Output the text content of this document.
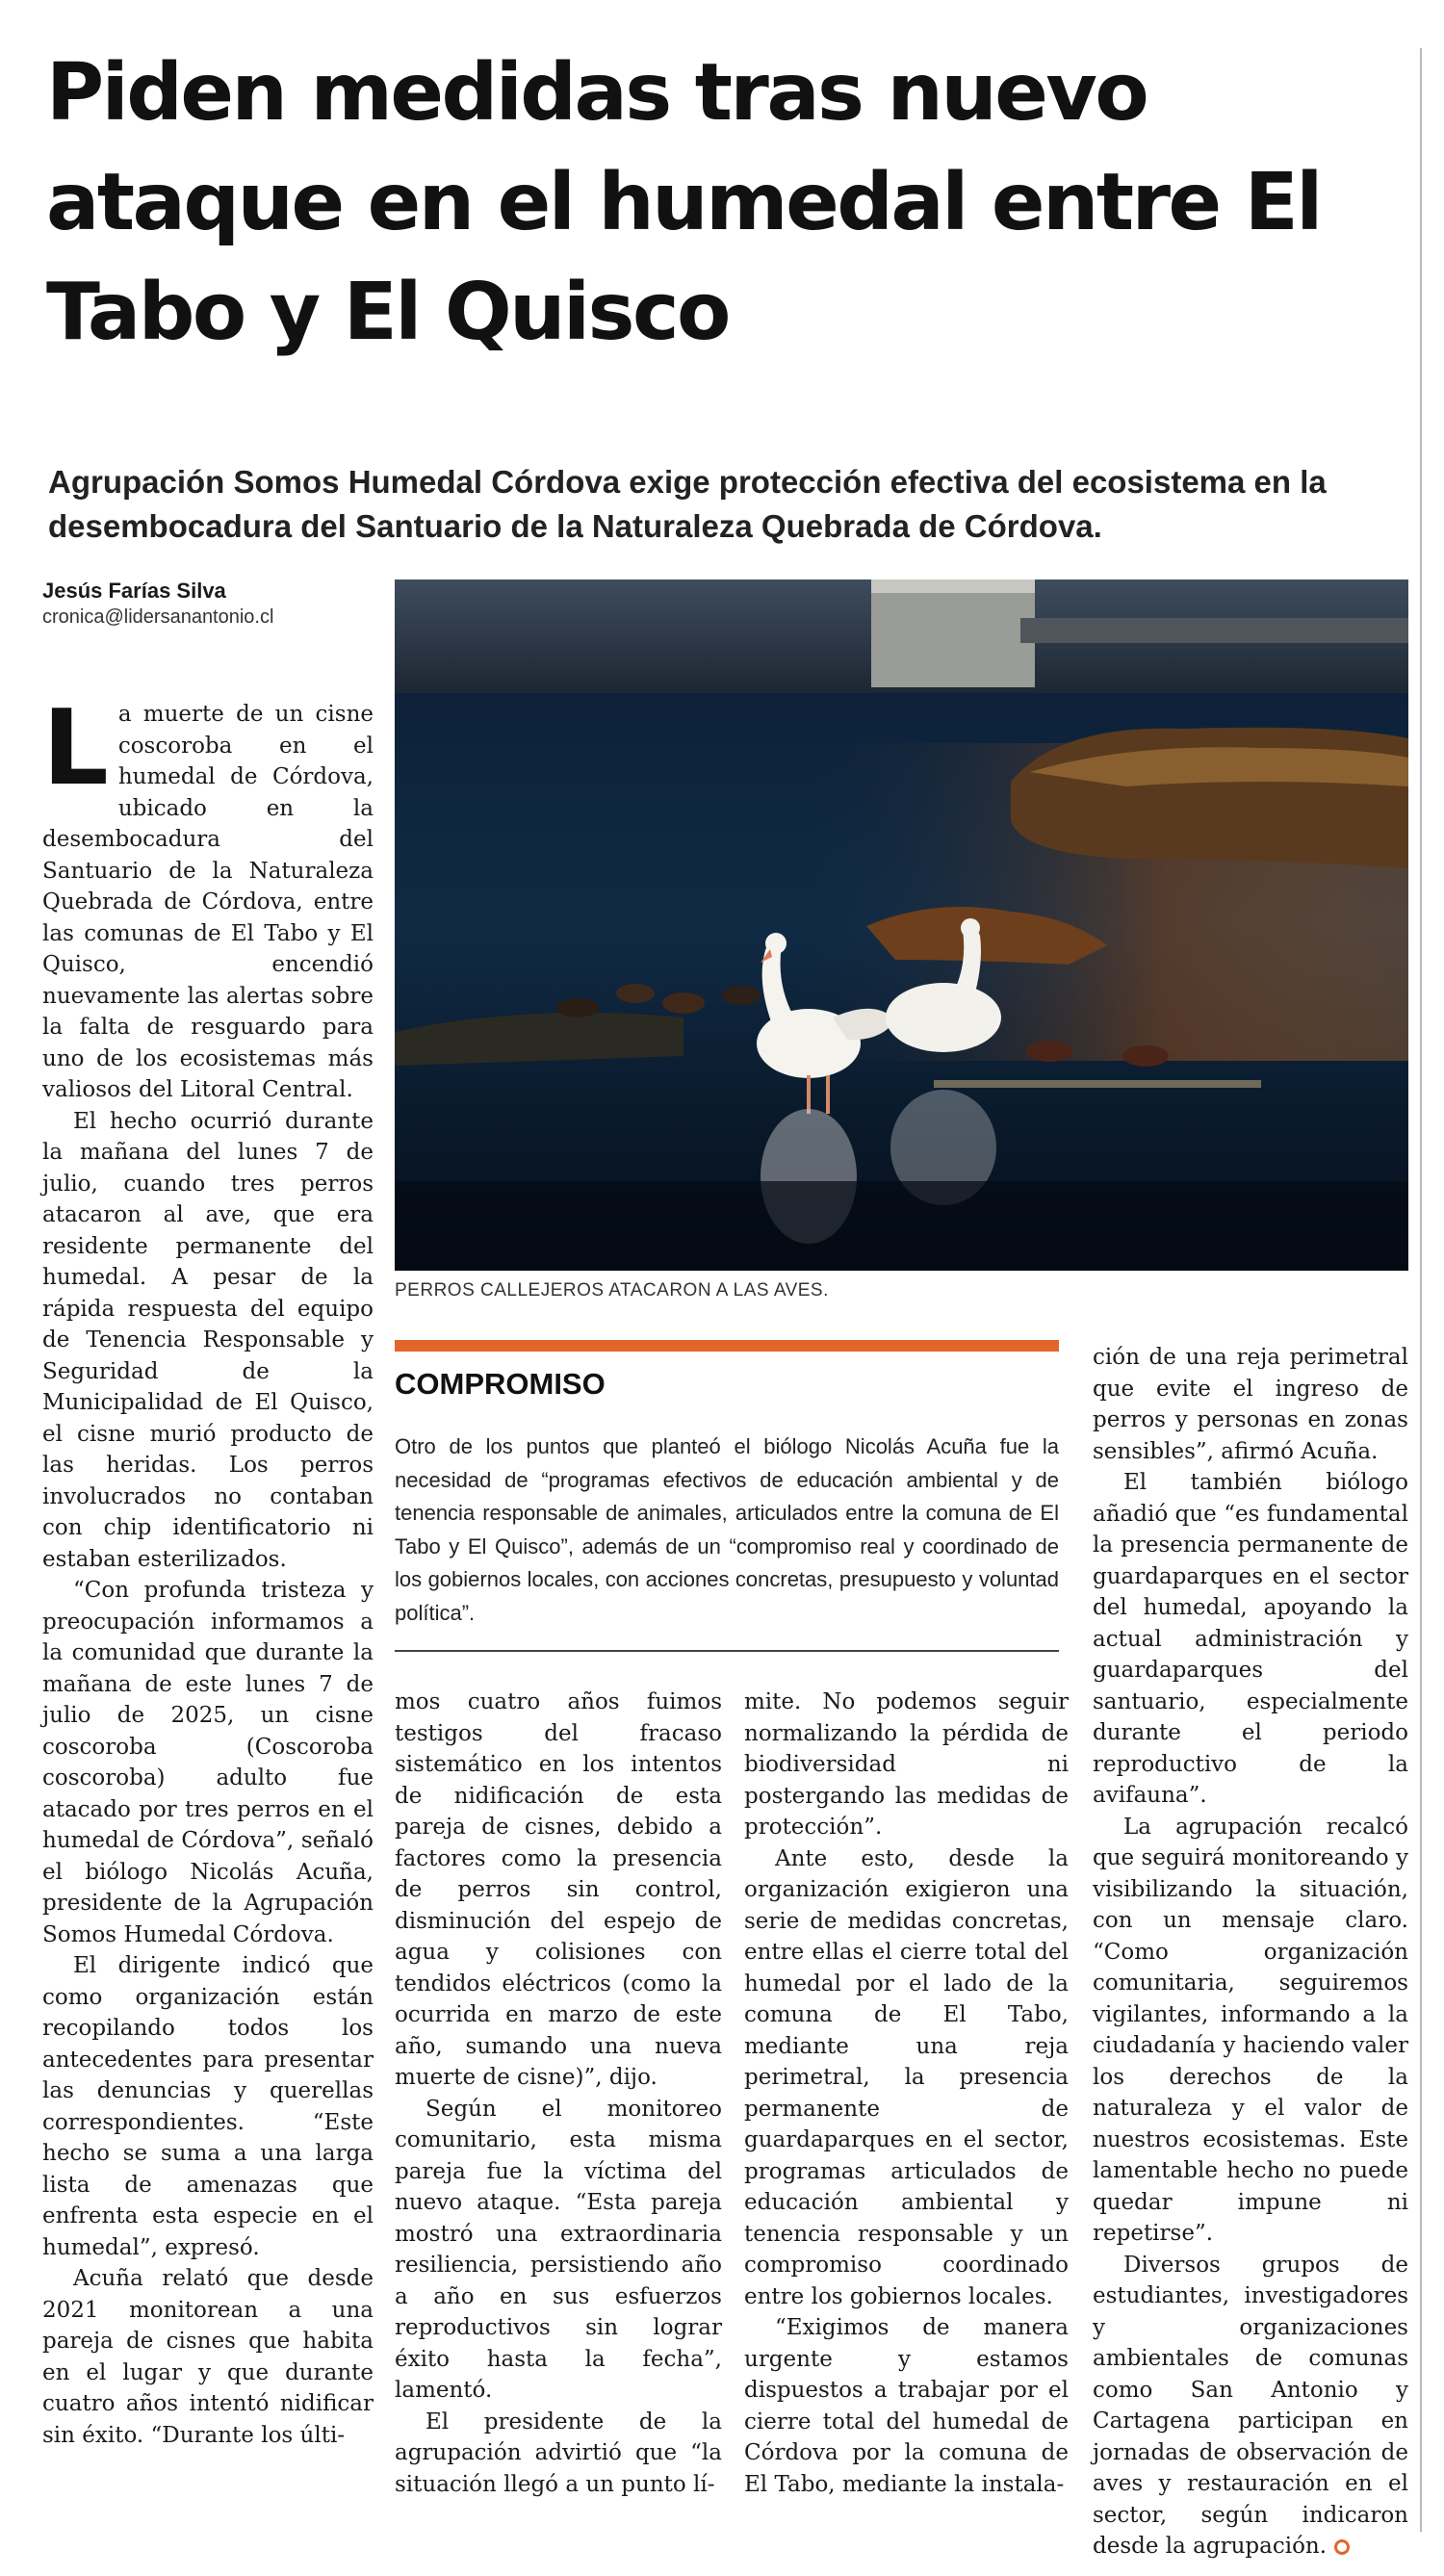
Piden medidas tras nuevo ataque en el humedal entre El Tabo y El Quisco

Agrupación Somos Humedal Córdova exige protección efectiva del ecosistema en la desembocadura del Santuario de la Naturaleza Quebrada de Córdova.

Jesús Farías Silva
cronica@lidersanantonio.cl
PERROS CALLEJEROS ATACARON A LAS AVES.

La muerte de un cisne coscoroba en el humedal de Córdova, ubicado en la desembocadura del Santuario de la Naturaleza Quebrada de Córdova, entre las comunas de El Tabo y El Quisco, encendió nuevamente las alertas sobre la falta de resguardo para uno de los ecosistemas más valiosos del Litoral Central.

El hecho ocurrió durante la mañana del lunes 7 de julio, cuando tres perros atacaron al ave, que era residente permanente del humedal. A pesar de la rápida respuesta del equipo de Tenencia Responsable y Seguridad de la Municipalidad de El Quisco, el cisne murió producto de las heridas. Los perros involucrados no contaban con chip identificatorio ni estaban esterilizados.

“Con profunda tristeza y preocupación informamos a la comunidad que durante la mañana de este lunes 7 de julio de 2025, un cisne coscoroba (Coscoroba coscoroba) adulto fue atacado por tres perros en el humedal de Córdova”, señaló el biólogo Nicolás Acuña, presidente de la Agrupación Somos Humedal Córdova.

El dirigente indicó que como organización están recopilando todos los antecedentes para presentar las denuncias y querellas correspondientes. “Este hecho se suma a una larga lista de amenazas que enfrenta esta especie en el humedal”, expresó.

Acuña relató que desde 2021 monitorean a una pareja de cisnes que habita en el lugar y que durante cuatro años intentó nidificar sin éxito. “Durante los últi-

COMPROMISO

Otro de los puntos que planteó el biólogo Nicolás Acuña fue la necesidad de “programas efectivos de educación ambiental y de tenencia responsable de animales, articulados entre la comuna de El Tabo y El Quisco”, además de un “compromiso real y coordinado de los gobiernos locales, con acciones concretas, presupuesto y voluntad política”.

mos cuatro años fuimos testigos del fracaso sistemático en los intentos de nidificación de esta pareja de cisnes, debido a factores como la presencia de perros sin control, disminución del espejo de agua y colisiones con tendidos eléctricos (como la ocurrida en marzo de este año, sumando una nueva muerte de cisne)”, dijo.

Según el monitoreo comunitario, esta misma pareja fue la víctima del nuevo ataque. “Esta pareja mostró una extraordinaria resiliencia, persistiendo año a año en sus esfuerzos reproductivos sin lograr éxito hasta la fecha”, lamentó.

El presidente de la agrupación advirtió que “la situación llegó a un punto lí-

mite. No podemos seguir normalizando la pérdida de biodiversidad ni postergando las medidas de protección”.

Ante esto, desde la organización exigieron una serie de medidas concretas, entre ellas el cierre total del humedal por el lado de la comuna de El Tabo, mediante una reja perimetral, la presencia permanente de guardaparques en el sector, programas articulados de educación ambiental y tenencia responsable y un compromiso coordinado entre los gobiernos locales.

“Exigimos de manera urgente y estamos dispuestos a trabajar por el cierre total del humedal de Córdova por la comuna de El Tabo, mediante la instala-

ción de una reja perimetral que evite el ingreso de perros y personas en zonas sensibles”, afirmó Acuña.

El también biólogo añadió que “es fundamental la presencia permanente de guardaparques en el sector del humedal, apoyando la actual administración y guardaparques del santuario, especialmente durante el periodo reproductivo de la avifauna”.

La agrupación recalcó que seguirá monitoreando y visibilizando la situación, con un mensaje claro. “Como organización comunitaria, seguiremos vigilantes, informando a la ciudadanía y haciendo valer los derechos de la naturaleza y el valor de nuestros ecosistemas. Este lamentable hecho no puede quedar impune ni repetirse”.

Diversos grupos de estudiantes, investigadores y organizaciones ambientales de comunas como San Antonio y Cartagena participan en jornadas de observación de aves y restauración en el sector, según indicaron desde la agrupación.
